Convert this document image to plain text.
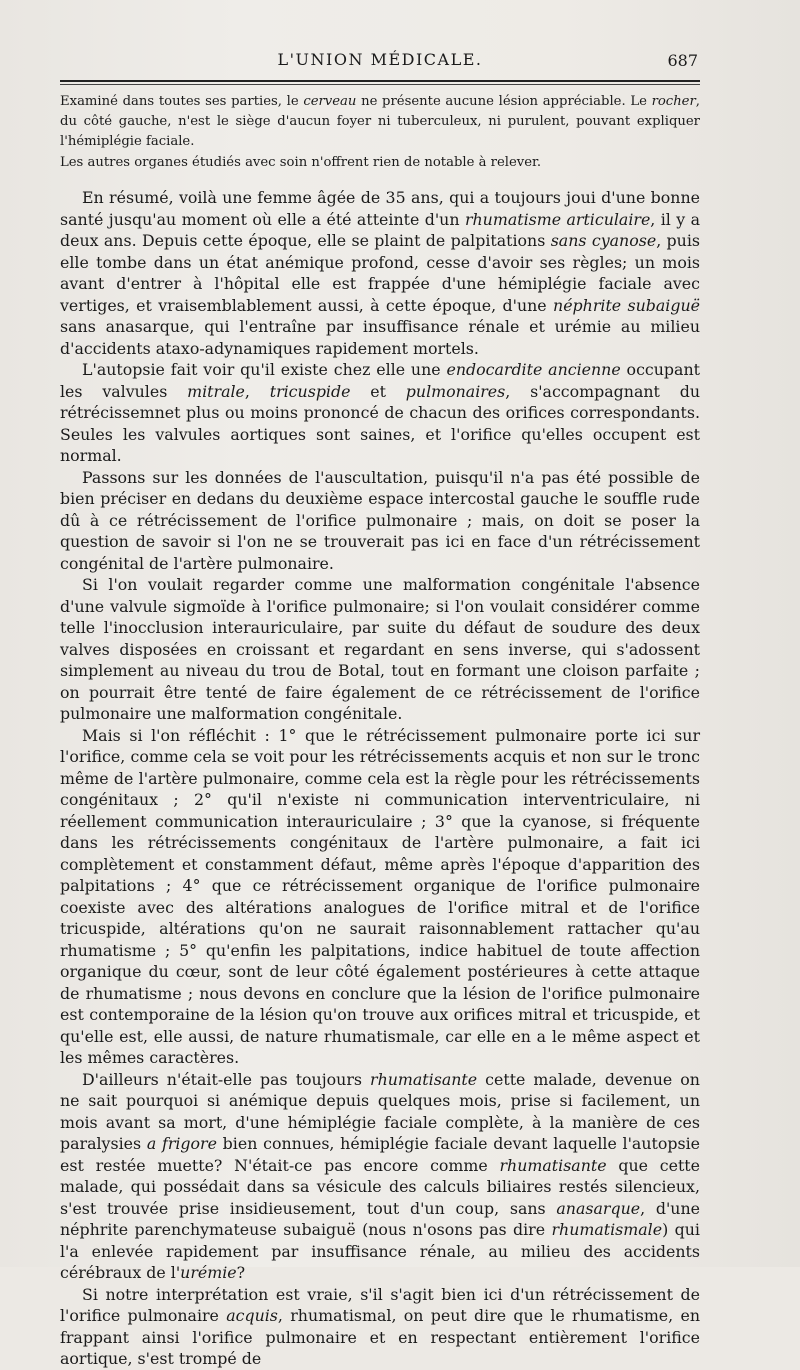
L'UNION MÉDICALE.	687

Examiné dans toutes ses parties, le cerveau ne présente aucune lésion appréciable. Le rocher, du côté gauche, n'est le siège d'aucun foyer ni tuberculeux, ni purulent, pouvant expliquer l'hémiplégie faciale.

Les autres organes étudiés avec soin n'offrent rien de notable à relever.

En résumé, voilà une femme âgée de 35 ans, qui a toujours joui d'une bonne santé jusqu'au moment où elle a été atteinte d'un rhumatisme articulaire, il y a deux ans. Depuis cette époque, elle se plaint de palpitations sans cyanose, puis elle tombe dans un état anémique profond, cesse d'avoir ses règles; un mois avant d'entrer à l'hôpital elle est frappée d'une hémiplégie faciale avec vertiges, et vraisemblablement aussi, à cette époque, d'une néphrite subaiguë sans anasarque, qui l'entraîne par insuffisance rénale et urémie au milieu d'accidents ataxo-adynamiques rapidement mortels.

L'autopsie fait voir qu'il existe chez elle une endocardite ancienne occupant les valvules mitrale, tricuspide et pulmonaires, s'accompagnant du rétrécissemnet plus ou moins prononcé de chacun des orifices correspondants. Seules les valvules aortiques sont saines, et l'orifice qu'elles occupent est normal.

Passons sur les données de l'auscultation, puisqu'il n'a pas été possible de bien préciser en dedans du deuxième espace intercostal gauche le souffle rude dû à ce rétrécissement de l'orifice pulmonaire ; mais, on doit se poser la question de savoir si l'on ne se trouverait pas ici en face d'un rétrécissement congénital de l'artère pulmonaire.

Si l'on voulait regarder comme une malformation congénitale l'absence d'une valvule sigmoïde à l'orifice pulmonaire; si l'on voulait considérer comme telle l'inocclusion interauriculaire, par suite du défaut de soudure des deux valves disposées en croissant et regardant en sens inverse, qui s'adossent simplement au niveau du trou de Botal, tout en formant une cloison parfaite ; on pourrait être tenté de faire également de ce rétrécissement de l'orifice pulmonaire une malformation congénitale.

Mais si l'on réfléchit : 1° que le rétrécissement pulmonaire porte ici sur l'orifice, comme cela se voit pour les rétrécissements acquis et non sur le tronc même de l'artère pulmonaire, comme cela est la règle pour les rétrécissements congénitaux ; 2° qu'il n'existe ni communication interventriculaire, ni réellement communication interauriculaire ; 3° que la cyanose, si fréquente dans les rétrécissements congénitaux de l'artère pulmonaire, a fait ici complètement et constamment défaut, même après l'époque d'apparition des palpitations ; 4° que ce rétrécissement organique de l'orifice pulmonaire coexiste avec des altérations analogues de l'orifice mitral et de l'orifice tricuspide, altérations qu'on ne saurait raisonnablement rattacher qu'au rhumatisme ; 5° qu'enfin les palpitations, indice habituel de toute affection organique du cœur, sont de leur côté également postérieures à cette attaque de rhumatisme ; nous devons en conclure que la lésion de l'orifice pulmonaire est contemporaine de la lésion qu'on trouve aux orifices mitral et tricuspide, et qu'elle est, elle aussi, de nature rhumatismale, car elle en a le même aspect et les mêmes caractères.

D'ailleurs n'était-elle pas toujours rhumatisante cette malade, devenue on ne sait pourquoi si anémique depuis quelques mois, prise si facilement, un mois avant sa mort, d'une hémiplégie faciale complète, à la manière de ces paralysies a frigore bien connues, hémiplégie faciale devant laquelle l'autopsie est restée muette? N'était-ce pas encore comme rhumatisante que cette malade, qui possédait dans sa vésicule des calculs biliaires restés silencieux, s'est trouvée prise insidieusement, tout d'un coup, sans anasarque, d'une néphrite parenchymateuse subaiguë (nous n'osons pas dire rhumatismale) qui l'a enlevée rapidement par insuffisance rénale, au milieu des accidents cérébraux de l'urémie?

Si notre interprétation est vraie, s'il s'agit bien ici d'un rétrécissement de l'orifice pulmonaire acquis, rhumatismal, on peut dire que le rhumatisme, en frappant ainsi l'orifice pulmonaire et en respectant entièrement l'orifice aortique, s'est trompé de
